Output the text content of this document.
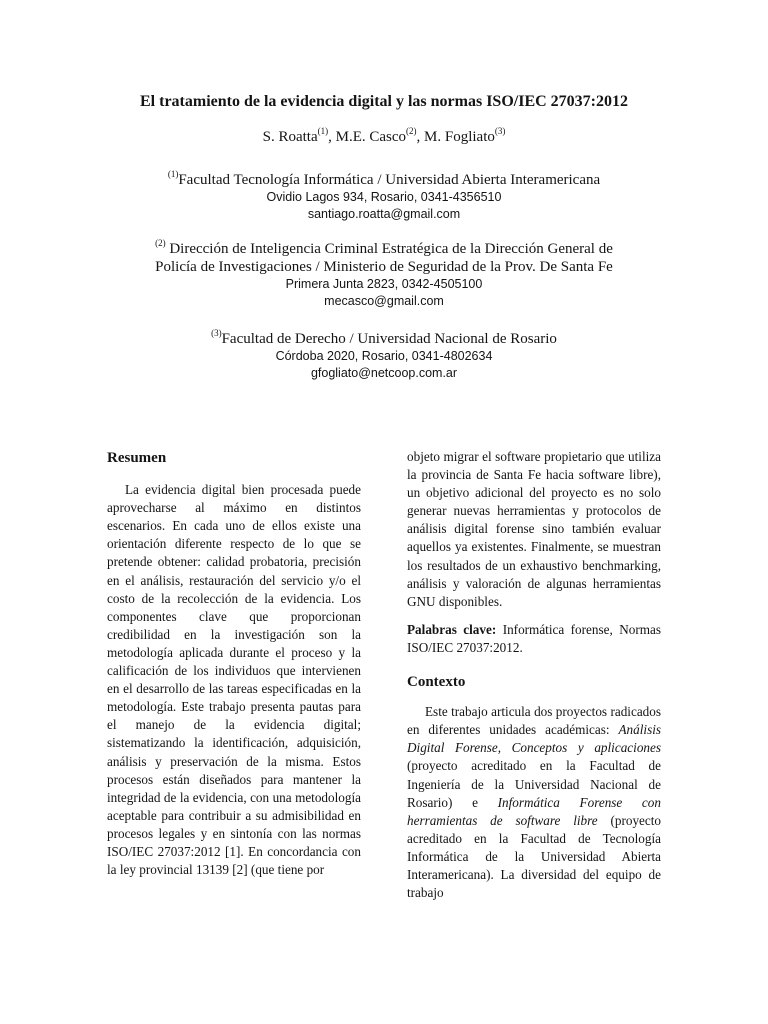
El tratamiento de la evidencia digital y las normas ISO/IEC 27037:2012
S. Roatta$^{(1)}$, M.E. Casco$^{(2)}$, M. Fogliato$^{(3)}$
$^{(1)}$Facultad Tecnología Informática / Universidad Abierta Interamericana
Ovidio Lagos 934, Rosario, 0341-4356510
santiago.roatta@gmail.com
$^{(2)}$ Dirección de Inteligencia Criminal Estratégica de la Dirección General de
Policía de Investigaciones / Ministerio de Seguridad de la Prov. De Santa Fe
Primera Junta 2823, 0342-4505100
mecasco@gmail.com
$^{(3)}$Facultad de Derecho / Universidad Nacional de Rosario
Córdoba 2020, Rosario, 0341-4802634
gfogliato@netcoop.com.ar

Resumen

La evidencia digital bien procesada puede aprovecharse al máximo en distintos escenarios. En cada uno de ellos existe una orientación diferente respecto de lo que se pretende obtener: calidad probatoria, precisión en el análisis, restauración del servicio y/o el costo de la recolección de la evidencia. Los componentes clave que proporcionan credibilidad en la investigación son la metodología aplicada durante el proceso y la calificación de los individuos que intervienen en el desarrollo de las tareas especificadas en la metodología. Este trabajo presenta pautas para el manejo de la evidencia digital; sistematizando la identificación, adquisición, análisis y preservación de la misma. Estos procesos están diseñados para mantener la integridad de la evidencia, con una metodología aceptable para contribuir a su admisibilidad en procesos legales y en sintonía con las normas ISO/IEC 27037:2012 [1]. En concordancia con la ley provincial 13139 [2] (que tiene por

objeto migrar el software propietario que utiliza la provincia de Santa Fe hacia software libre), un objetivo adicional del proyecto es no solo generar nuevas herramientas y protocolos de análisis digital forense sino también evaluar aquellos ya existentes. Finalmente, se muestran los resultados de un exhaustivo benchmarking, análisis y valoración de algunas herramientas GNU disponibles.

Palabras clave: Informática forense, Normas ISO/IEC 27037:2012.

Contexto

Este trabajo articula dos proyectos radicados en diferentes unidades académicas: Análisis Digital Forense, Conceptos y aplicaciones (proyecto acreditado en la Facultad de Ingeniería de la Universidad Nacional de Rosario) e Informática Forense con herramientas de software libre (proyecto acreditado en la Facultad de Tecnología Informática de la Universidad Abierta Interamericana). La diversidad del equipo de trabajo
